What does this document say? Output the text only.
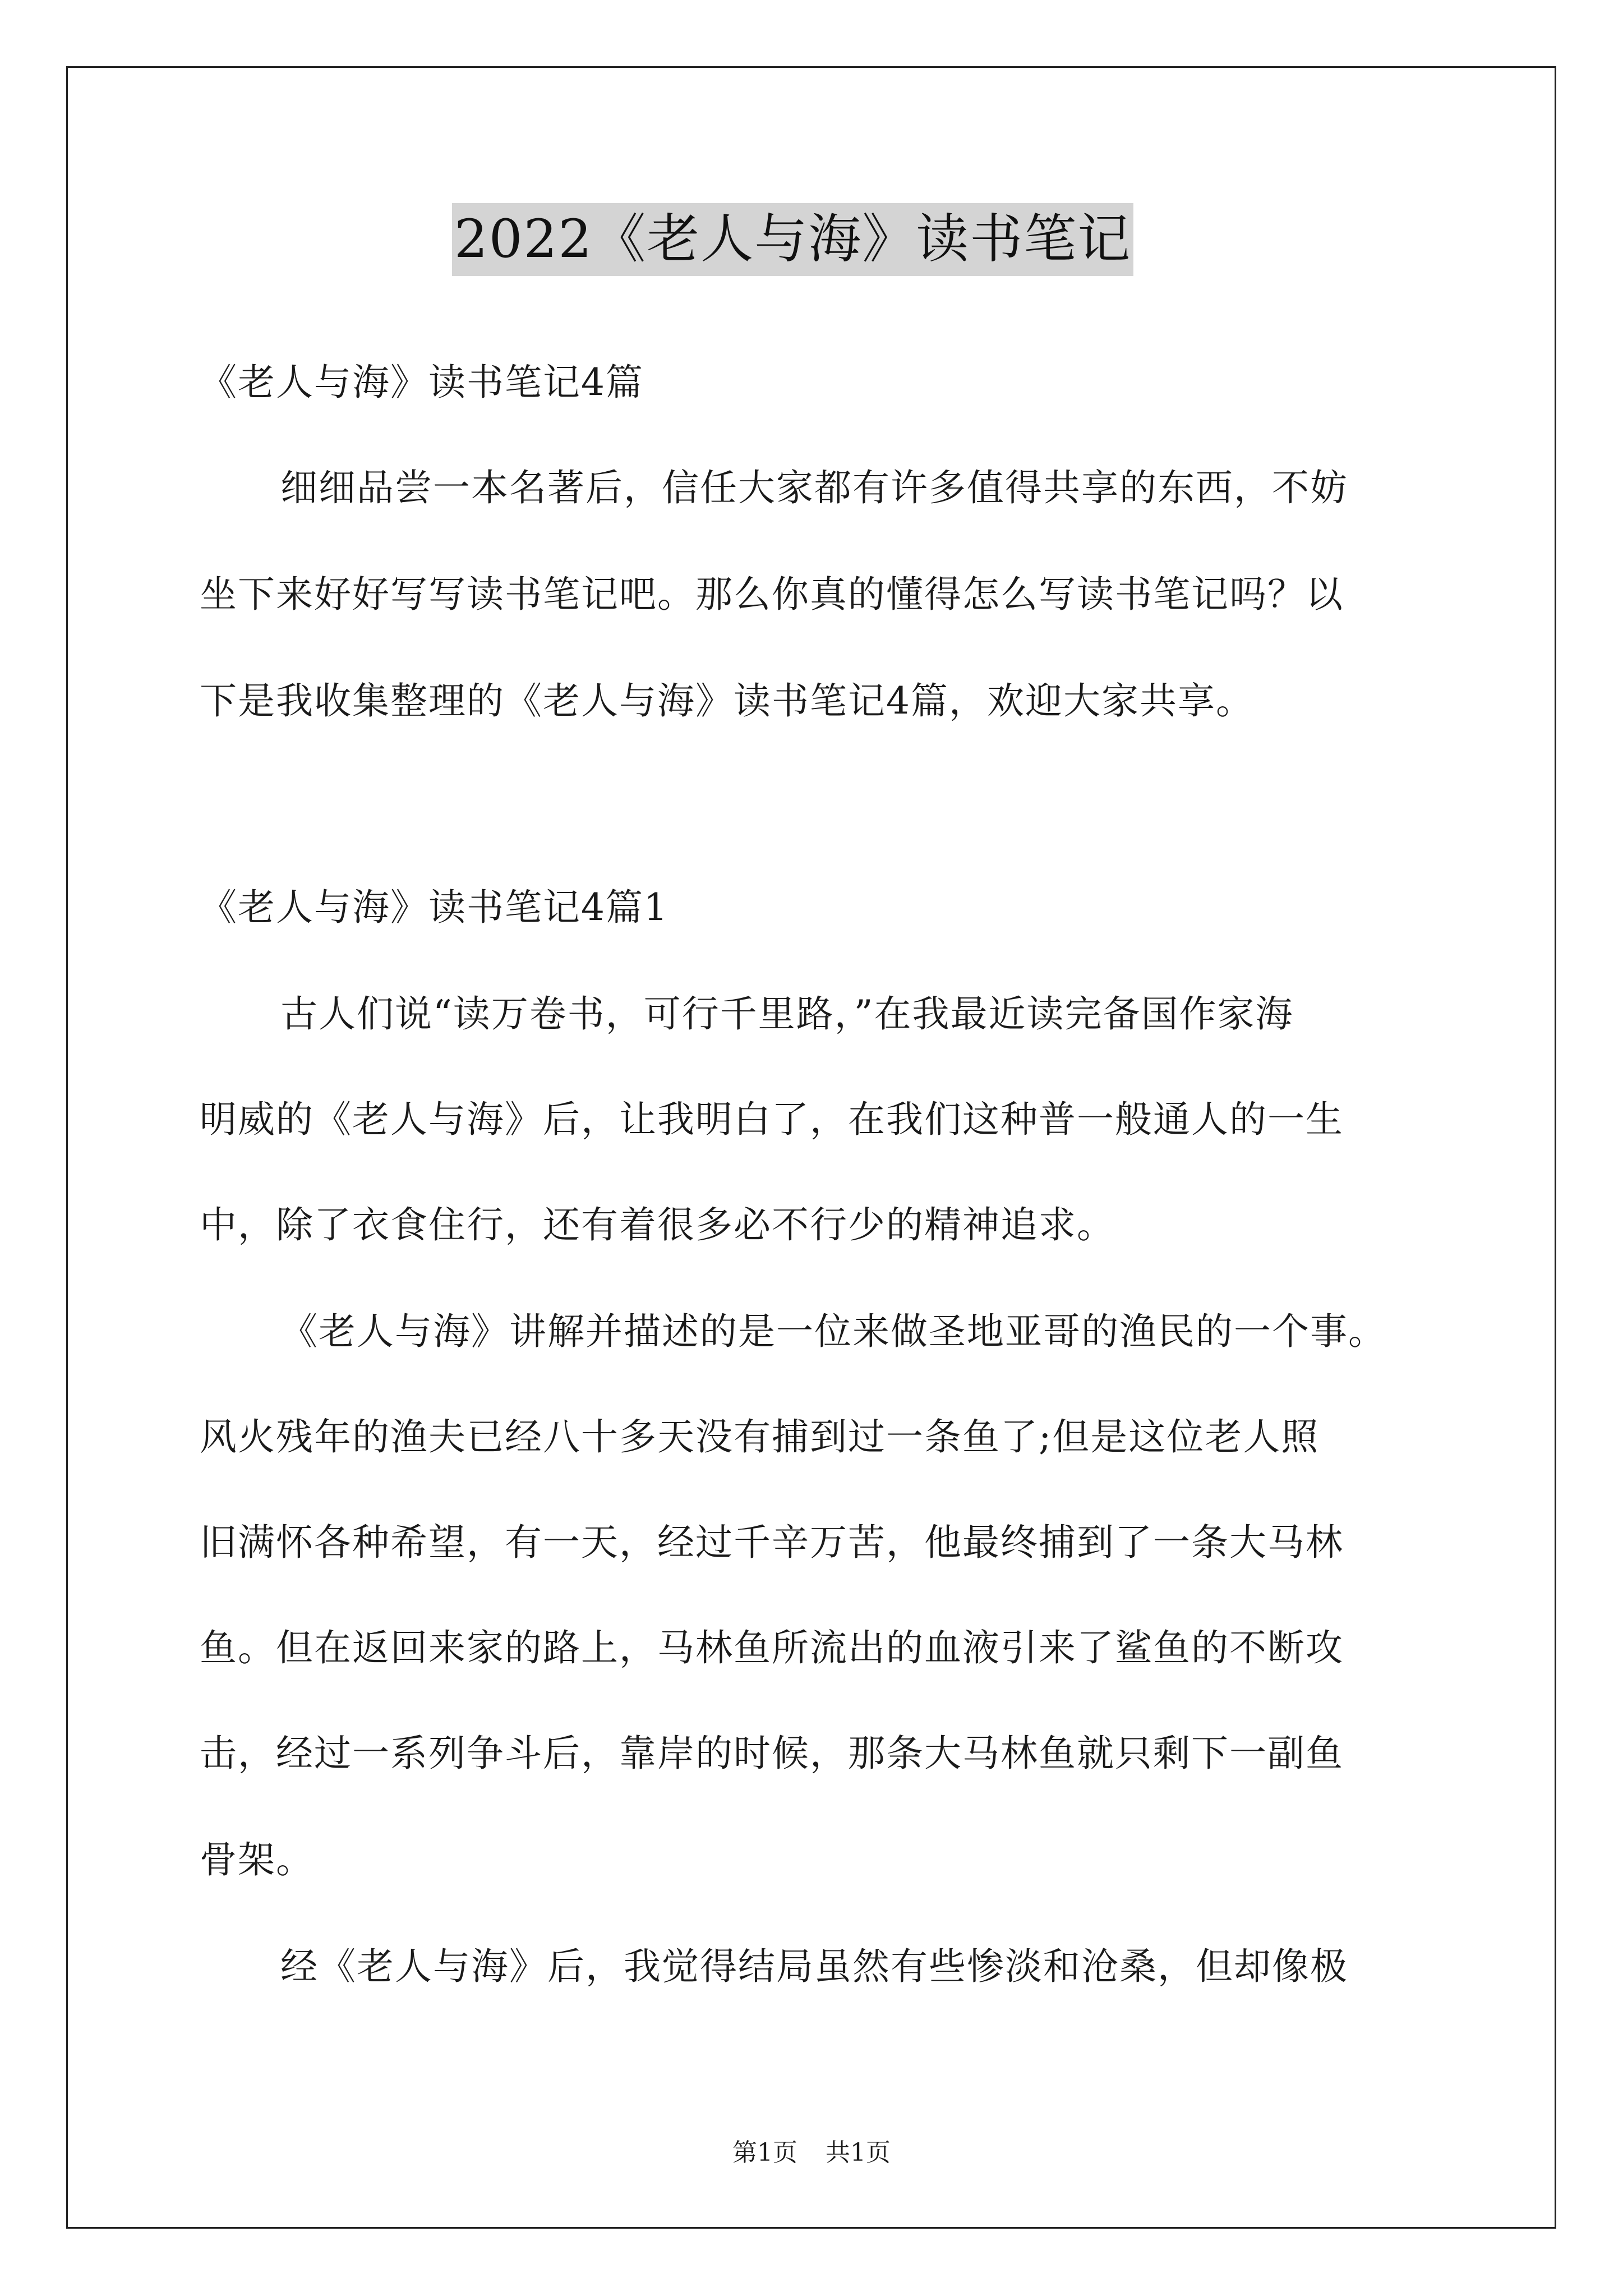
2022《老人与海》读书笔记
《老人与海》读书笔记4篇
细细品尝一本名著后，信任大家都有许多值得共享的东西，不妨
坐下来好好写写读书笔记吧。那么你真的懂得怎么写读书笔记吗？以
下是我收集整理的《老人与海》读书笔记4篇，欢迎大家共享。
《老人与海》读书笔记4篇1
古人们说“读万卷书，可行千里路，”在我最近读完备国作家海
明威的《老人与海》后，让我明白了，在我们这种普一般通人的一生
中，除了衣食住行，还有着很多必不行少的精神追求。
《老人与海》讲解并描述的是一位来做圣地亚哥的渔民的一个事。
风火残年的渔夫已经八十多天没有捕到过一条鱼了;但是这位老人照
旧满怀各种希望，有一天，经过千辛万苦，他最终捕到了一条大马林
鱼。但在返回来家的路上，马林鱼所流出的血液引来了鲨鱼的不断攻
击，经过一系列争斗后，靠岸的时候，那条大马林鱼就只剩下一副鱼
骨架。
经《老人与海》后，我觉得结局虽然有些惨淡和沧桑，但却像极
第1页 共1页
